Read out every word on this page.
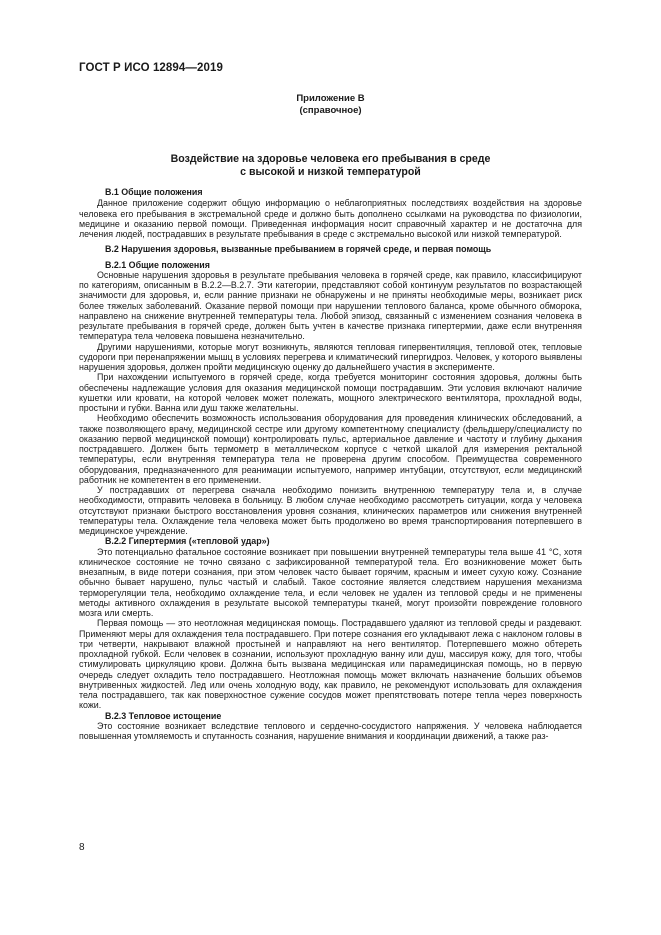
ГОСТ Р ИСО 12894—2019
Приложение В
(справочное)
Воздействие на здоровье человека его пребывания в среде
с высокой и низкой температурой
В.1 Общие положения

Данное приложение содержит общую информацию о неблагоприятных последствиях воздействия на здоровье человека его пребывания в экстремальной среде и должно быть дополнено ссылками на руководства по физиологии, медицине и оказанию первой помощи. Приведенная информация носит справочный характер и не достаточна для лечения людей, пострадавших в результате пребывания в среде с экстремально высокой или низкой температурой.

В.2 Нарушения здоровья, вызванные пребыванием в горячей среде, и первая помощь
В.2.1 Общие положения

Основные нарушения здоровья в результате пребывания человека в горячей среде, как правило, классифицируют по категориям, описанным в В.2.2—В.2.7. Эти категории, представляют собой континуум результатов по возрастающей значимости для здоровья, и, если ранние признаки не обнаружены и не приняты необходимые меры, возникает риск более тяжелых заболеваний. Оказание первой помощи при нарушении теплового баланса, кроме обычного обморока, направлено на снижение внутренней температуры тела. Любой эпизод, связанный с изменением сознания человека в результате пребывания в горячей среде, должен быть учтен в качестве признака гипертермии, даже если внутренняя температура тела человека повышена незначительно.

Другими нарушениями, которые могут возникнуть, являются тепловая гипервентиляция, тепловой отек, тепловые судороги при перенапряжении мышц в условиях перегрева и климатический гипергидроз. Человек, у которого выявлены нарушения здоровья, должен пройти медицинскую оценку до дальнейшего участия в эксперименте.

При нахождении испытуемого в горячей среде, когда требуется мониторинг состояния здоровья, должны быть обеспечены надлежащие условия для оказания медицинской помощи пострадавшим. Эти условия включают наличие кушетки или кровати, на которой человек может полежать, мощного электрического вентилятора, прохладной воды, простыни и губки. Ванна или душ также желательны.

Необходимо обеспечить возможность использования оборудования для проведения клинических обследований, а также позволяющего врачу, медицинской сестре или другому компетентному специалисту (фельдшеру/специалисту по оказанию первой медицинской помощи) контролировать пульс, артериальное давление и частоту и глубину дыхания пострадавшего. Должен быть термометр в металлическом корпусе с четкой шкалой для измерения ректальной температуры, если внутренняя температура тела не проверена другим способом. Преимущества современного оборудования, предназначенного для реанимации испытуемого, например интубации, отсутствуют, если медицинский работник не компетентен в его применении.

У пострадавших от перегрева сначала необходимо понизить внутреннюю температуру тела и, в случае необходимости, отправить человека в больницу. В любом случае необходимо рассмотреть ситуации, когда у человека отсутствуют признаки быстрого восстановления уровня сознания, клинических параметров или снижения внутренней температуры тела. Охлаждение тела человека может быть продолжено во время транспортирования потерпевшего в медицинское учреждение.

В.2.2 Гипертермия («тепловой удар»)

Это потенциально фатальное состояние возникает при повышении внутренней температуры тела выше 41 °С, хотя клиническое состояние не точно связано с зафиксированной температурой тела. Его возникновение может быть внезапным, в виде потери сознания, при этом человек часто бывает горячим, красным и имеет сухую кожу. Сознание обычно бывает нарушено, пульс частый и слабый. Такое состояние является следствием нарушения механизма терморегуляции тела, необходимо охлаждение тела, и если человек не удален из тепловой среды и не применены методы активного охлаждения в результате высокой температуры тканей, могут произойти повреждение головного мозга или смерть.

Первая помощь — это неотложная медицинская помощь. Пострадавшего удаляют из тепловой среды и раздевают. Применяют меры для охлаждения тела пострадавшего. При потере сознания его укладывают лежа с наклоном головы в три четверти, накрывают влажной простыней и направляют на него вентилятор. Потерпевшего можно обтереть прохладной губкой. Если человек в сознании, используют прохладную ванну или душ, массируя кожу, для того, чтобы стимулировать циркуляцию крови. Должна быть вызвана медицинская или парамедицинская помощь, но в первую очередь следует охладить тело пострадавшего. Неотложная помощь может включать назначение больших объемов внутривенных жидкостей. Лед или очень холодную воду, как правило, не рекомендуют использовать для охлаждения тела пострадавшего, так как поверхностное сужение сосудов может препятствовать потере тепла через поверхность кожи.

В.2.3 Тепловое истощение

Это состояние возникает вследствие теплового и сердечно-сосудистого напряжения. У человека наблюдается повышенная утомляемость и спутанность сознания, нарушение внимания и координации движений, а также раз-

8
